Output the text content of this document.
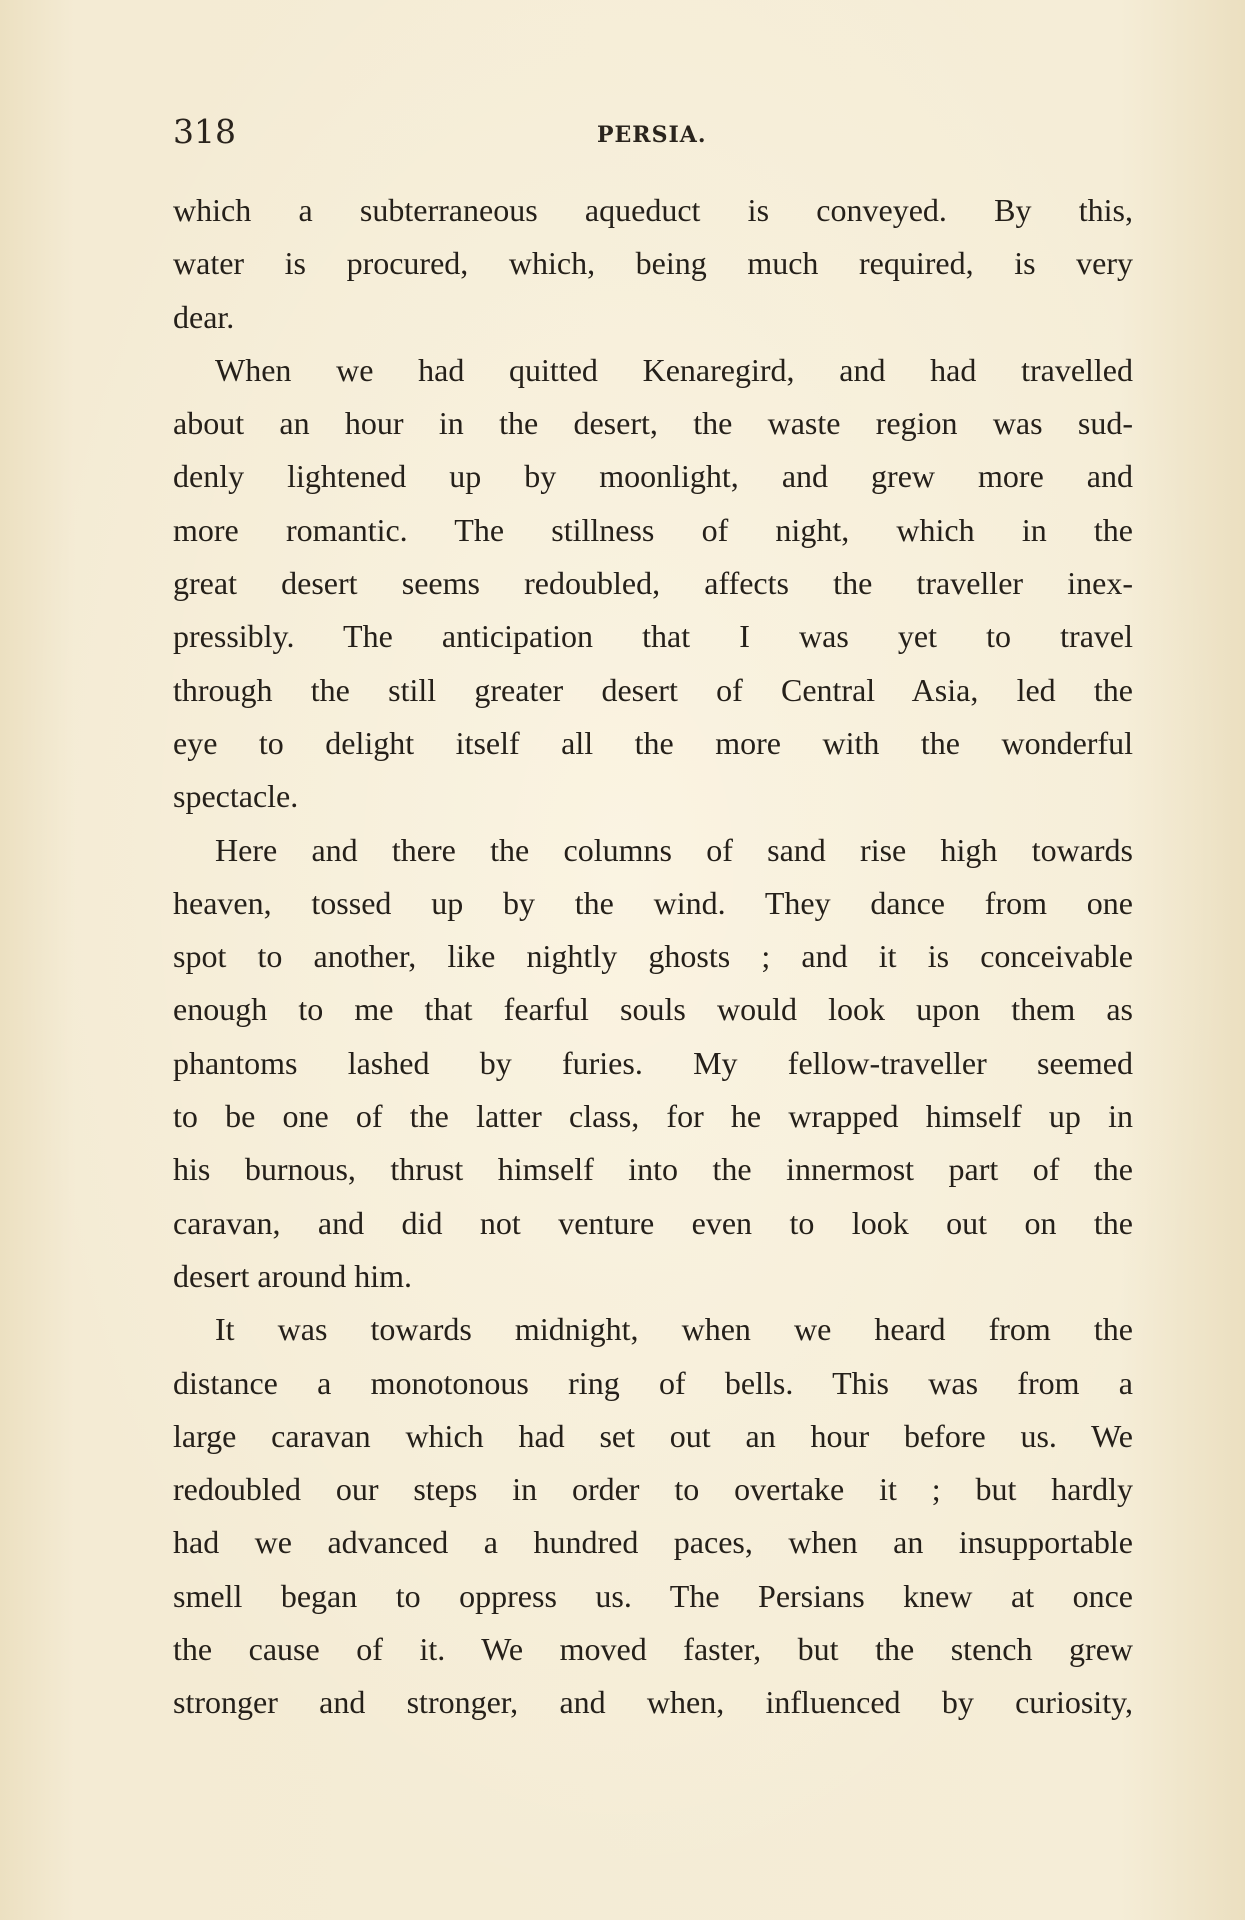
318	PERSIA.
which a subterraneous aqueduct is conveyed. By this,
water is procured, which, being much required, is very
dear.
When we had quitted Kenaregird, and had travelled
about an hour in the desert, the waste region was sud-
denly lightened up by moonlight, and grew more and
more romantic. The stillness of night, which in the
great desert seems redoubled, affects the traveller inex-
pressibly. The anticipation that I was yet to travel
through the still greater desert of Central Asia, led the
eye to delight itself all the more with the wonderful
spectacle.
Here and there the columns of sand rise high towards
heaven, tossed up by the wind. They dance from one
spot to another, like nightly ghosts ; and it is conceivable
enough to me that fearful souls would look upon them as
phantoms lashed by furies. My fellow-traveller seemed
to be one of the latter class, for he wrapped himself up in
his burnous, thrust himself into the innermost part of the
caravan, and did not venture even to look out on the
desert around him.
It was towards midnight, when we heard from the
distance a monotonous ring of bells. This was from a
large caravan which had set out an hour before us. We
redoubled our steps in order to overtake it ; but hardly
had we advanced a hundred paces, when an insupportable
smell began to oppress us. The Persians knew at once
the cause of it. We moved faster, but the stench grew
stronger and stronger, and when, influenced by curiosity,
